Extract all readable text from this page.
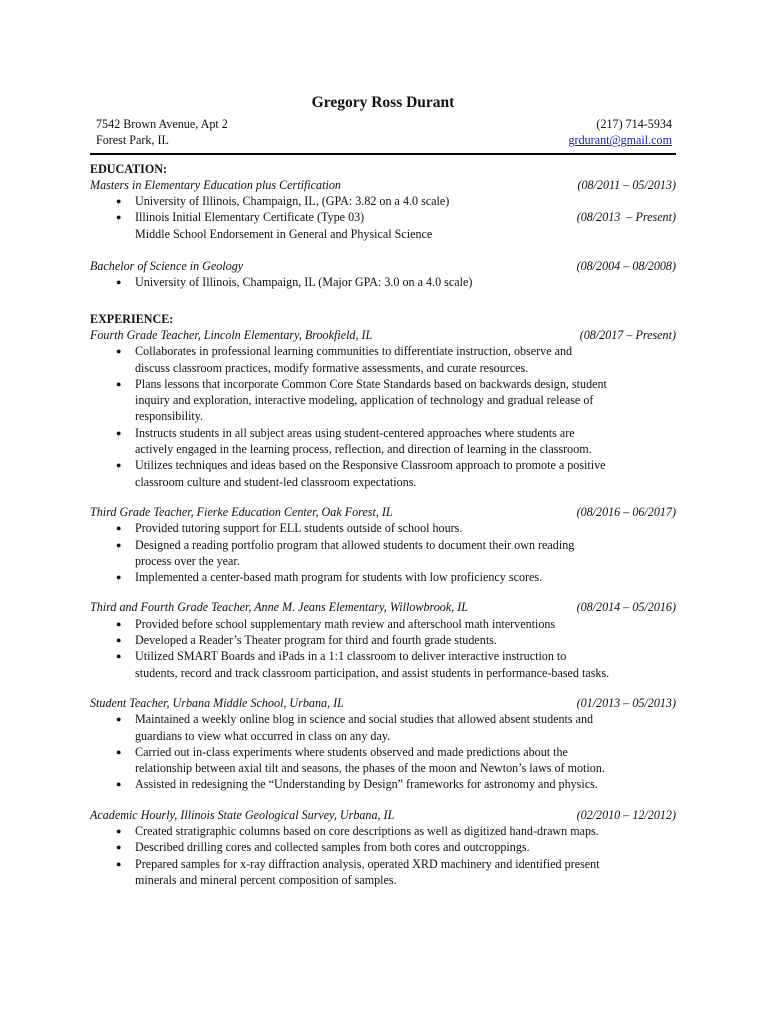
Gregory Ross Durant
7542 Brown Avenue, Apt 2
Forest Park, IL
(217) 714-5934
grdurant@gmail.com
EDUCATION:
Masters in Elementary Education plus Certification	(08/2011 – 05/2013)
● University of Illinois, Champaign, IL, (GPA: 3.82 on a 4.0 scale)
● Illinois Initial Elementary Certificate (Type 03)	(08/2013  – Present)
Middle School Endorsement in General and Physical Science
Bachelor of Science in Geology	(08/2004 – 08/2008)
● University of Illinois, Champaign, IL (Major GPA: 3.0 on a 4.0 scale)
EXPERIENCE:
Fourth Grade Teacher, Lincoln Elementary, Brookfield, IL	(08/2017 – Present)
● Collaborates in professional learning communities to differentiate instruction, observe and
discuss classroom practices, modify formative assessments, and curate resources.
● Plans lessons that incorporate Common Core State Standards based on backwards design, student
inquiry and exploration, interactive modeling, application of technology and gradual release of
responsibility.
● Instructs students in all subject areas using student-centered approaches where students are
actively engaged in the learning process, reflection, and direction of learning in the classroom.
● Utilizes techniques and ideas based on the Responsive Classroom approach to promote a positive
classroom culture and student-led classroom expectations.
Third Grade Teacher, Fierke Education Center, Oak Forest, IL	(08/2016 – 06/2017)
● Provided tutoring support for ELL students outside of school hours.
● Designed a reading portfolio program that allowed students to document their own reading
process over the year.
● Implemented a center-based math program for students with low proficiency scores.
Third and Fourth Grade Teacher, Anne M. Jeans Elementary, Willowbrook, IL	(08/2014 – 05/2016)
● Provided before school supplementary math review and afterschool math interventions
● Developed a Reader’s Theater program for third and fourth grade students.
● Utilized SMART Boards and iPads in a 1:1 classroom to deliver interactive instruction to
students, record and track classroom participation, and assist students in performance-based tasks.
Student Teacher, Urbana Middle School, Urbana, IL	(01/2013 – 05/2013)
● Maintained a weekly online blog in science and social studies that allowed absent students and
guardians to view what occurred in class on any day.
● Carried out in-class experiments where students observed and made predictions about the
relationship between axial tilt and seasons, the phases of the moon and Newton’s laws of motion.
● Assisted in redesigning the “Understanding by Design” frameworks for astronomy and physics.
Academic Hourly, Illinois State Geological Survey, Urbana, IL	(02/2010 – 12/2012)
● Created stratigraphic columns based on core descriptions as well as digitized hand-drawn maps.
● Described drilling cores and collected samples from both cores and outcroppings.
● Prepared samples for x-ray diffraction analysis, operated XRD machinery and identified present
minerals and mineral percent composition of samples.
